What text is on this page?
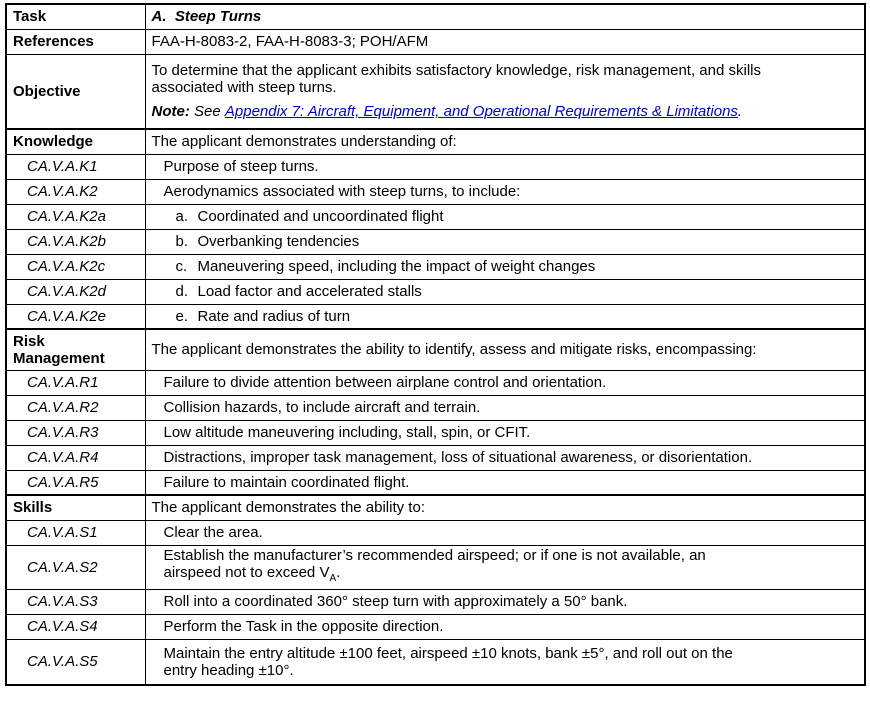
Task	A. Steep Turns
References	FAA-H-8083-2, FAA-H-8083-3; POH/AFM
Objective	To determine that the applicant exhibits satisfactory knowledge, risk management, and skills
associated with steep turns.

Note: See Appendix 7: Aircraft, Equipment, and Operational Requirements & Limitations.

Knowledge	The applicant demonstrates understanding of:
CA.V.A.K1	Purpose of steep turns.
CA.V.A.K2	Aerodynamics associated with steep turns, to include:
CA.V.A.K2a	a. Coordinated and uncoordinated flight
CA.V.A.K2b	b. Overbanking tendencies
CA.V.A.K2c	c. Maneuvering speed, including the impact of weight changes
CA.V.A.K2d	d. Load factor and accelerated stalls
CA.V.A.K2e	e. Rate and radius of turn

Risk
Management	The applicant demonstrates the ability to identify, assess and mitigate risks, encompassing:
CA.V.A.R1	Failure to divide attention between airplane control and orientation.
CA.V.A.R2	Collision hazards, to include aircraft and terrain.
CA.V.A.R3	Low altitude maneuvering including, stall, spin, or CFIT.
CA.V.A.R4	Distractions, improper task management, loss of situational awareness, or disorientation.
CA.V.A.R5	Failure to maintain coordinated flight.
Skills	The applicant demonstrates the ability to:
CA.V.A.S1	Clear the area.
CA.V.A.S2	Establish the manufacturer’s recommended airspeed; or if one is not available, an
airspeed not to exceed $V_A$.

CA.V.A.S3	Roll into a coordinated 360° steep turn with approximately a 50° bank.
CA.V.A.S4	Perform the Task in the opposite direction.
CA.V.A.S5	Maintain the entry altitude ±100 feet, airspeed ±10 knots, bank ±5°, and roll out on the
entry heading ±10°.
